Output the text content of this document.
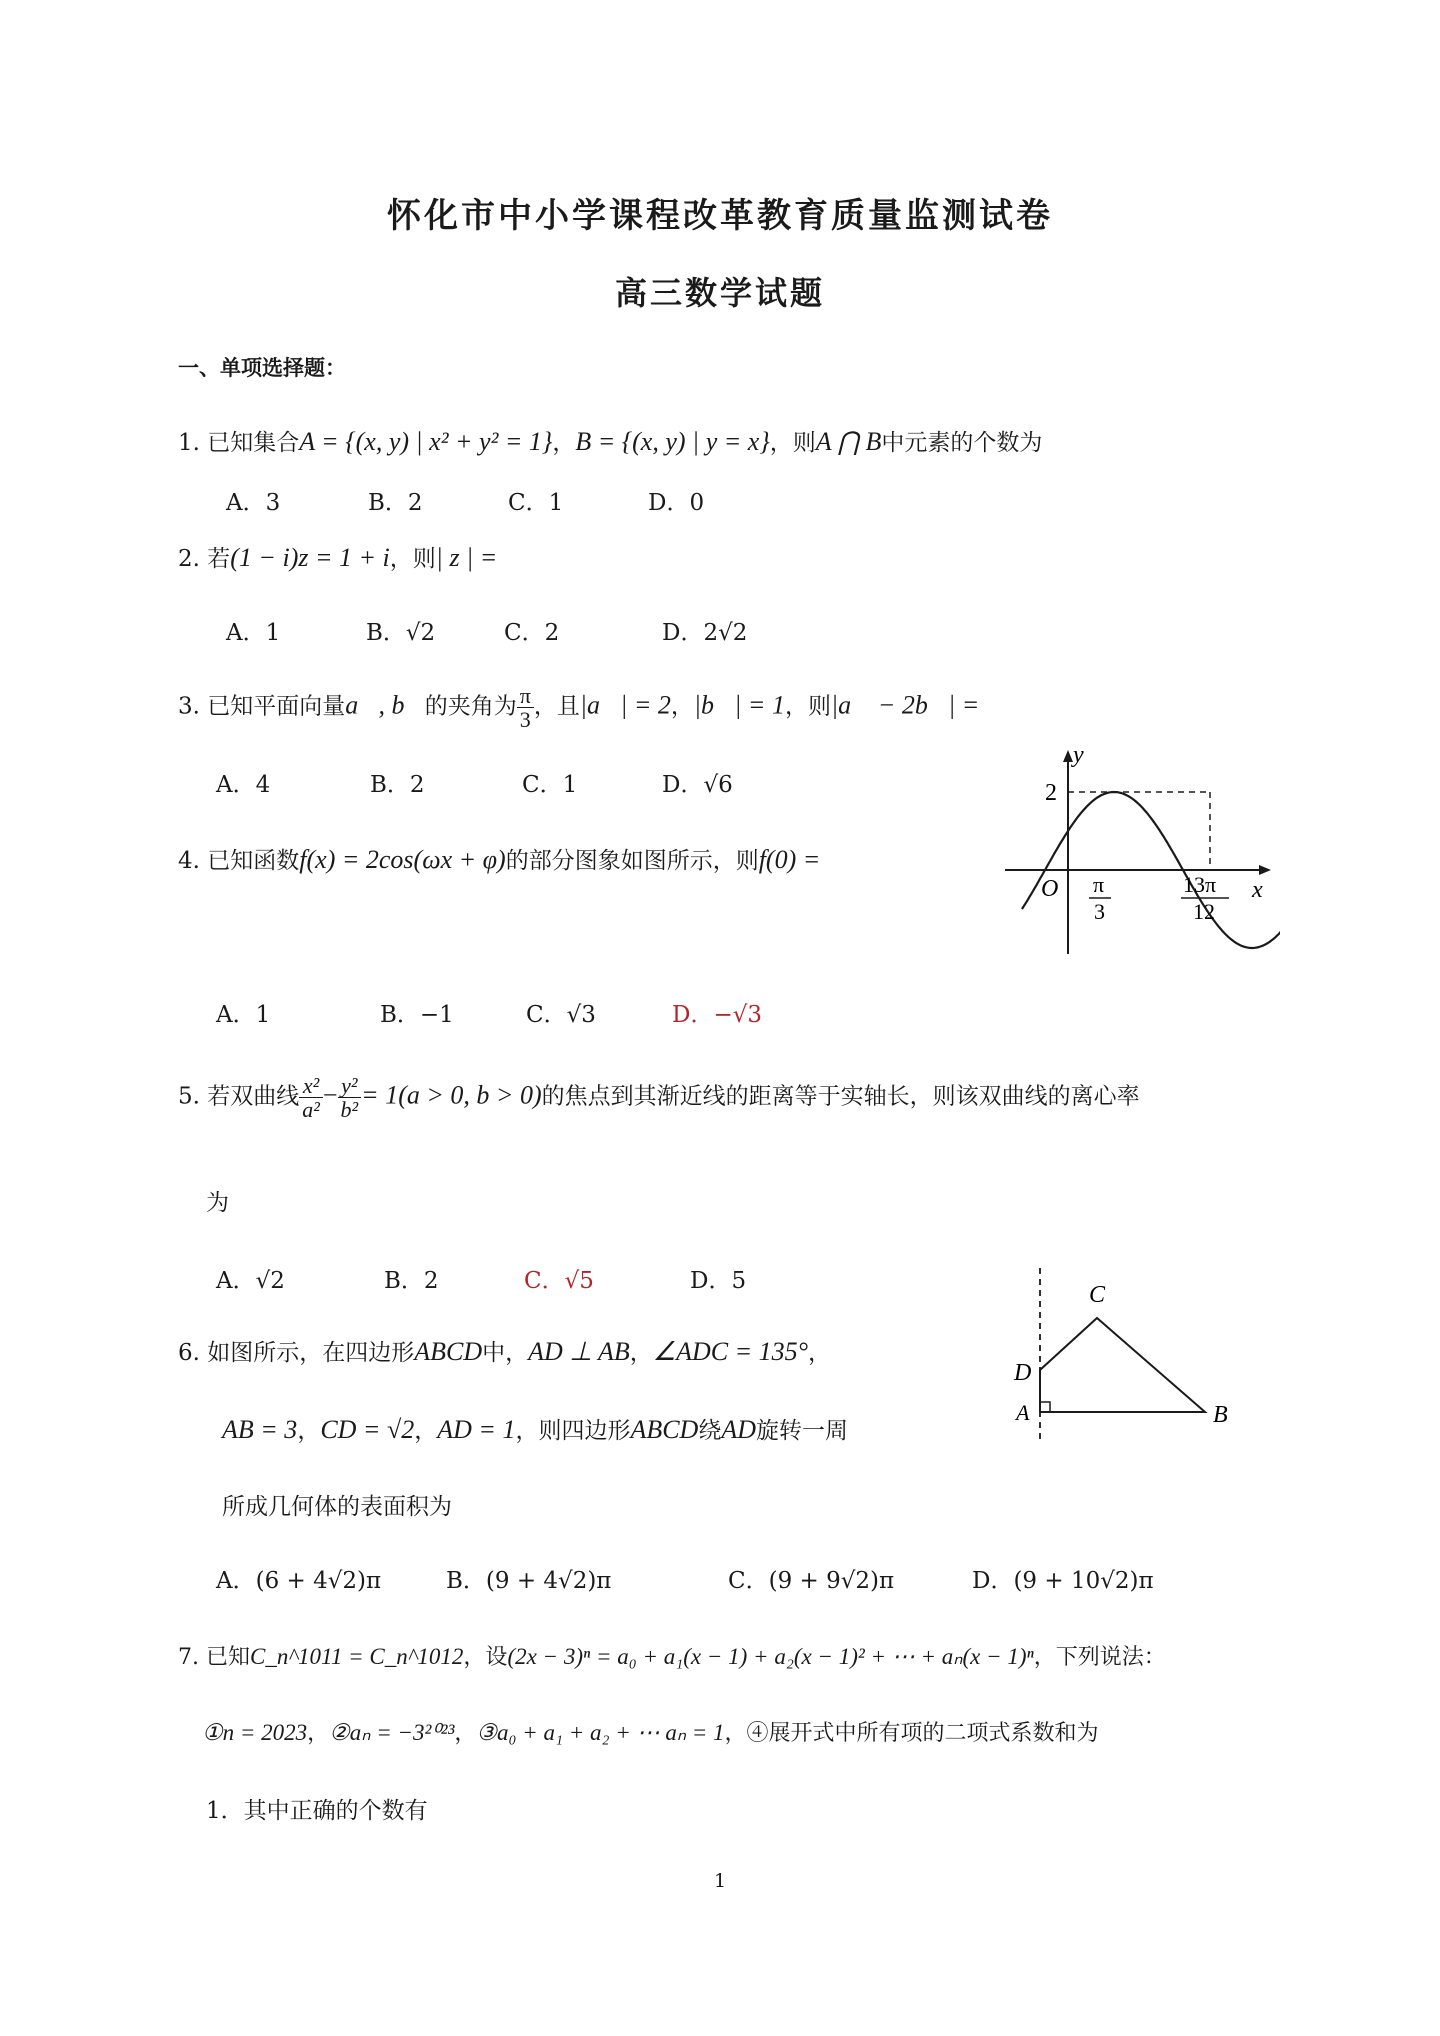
怀化市中小学课程改革教育质量监测试卷
高三数学试题
一、单项选择题：
1. 已知集合A = {(x, y) | x² + y² = 1}，B = {(x, y) | y = x}，则A ⋂ B中元素的个数为
A．3	B．2	C．1	D．0
2. 若(1 − i)z = 1 + i，则| z | =
A．1	B．√2	C．2	D．2√2
3. 已知平面向量a⃗, b⃗的夹角为 $\frac{\pi}{3}$ ，且|a⃗| = 2，|b⃗| = 1，则|a⃗ − 2b⃗| =
A．4	B．2	C．1	D．√6
y
x
O
2
π
3
13π
12
4. 已知函数f(x) = 2cos(ωx + φ)的部分图象如图所示，则f(0) =
A．1	B．−1	C．√3	D．−√3
5. 若双曲线 $\frac{\text{x²}}{\text{a²}} - \frac{\text{y²}}{\text{b²}} = 1(a > 0$, b > 0)的焦点到其渐近线的距离等于实轴长，则该双曲线的离心率
为
A．√2	B．2	C．√5	D．5
C
D
A	B
6. 如图所示，在四边形ABCD中，AD ⊥ AB，∠ADC = 135°，
AB = 3，CD = √2，AD = 1，则四边形ABCD绕AD旋转一周
所成几何体的表面积为
A．(6 + 4√2)π	B．(9 + 4√2)π	C．(9 + 9√2)π	D．(9 + 10√2)π
7. 已知C_n^1011 = C_n^1012，设(2x − 3)ⁿ = a₀ + a₁(x − 1) + a₂(x − 1)² + ⋯ + aₙ(x − 1)ⁿ，下列说法：
①n = 2023，②aₙ = −3²⁰²³，③a₀ + a₁ + a₂ + ⋯ aₙ = 1，④展开式中所有项的二项式系数和为
1．其中正确的个数有
1
